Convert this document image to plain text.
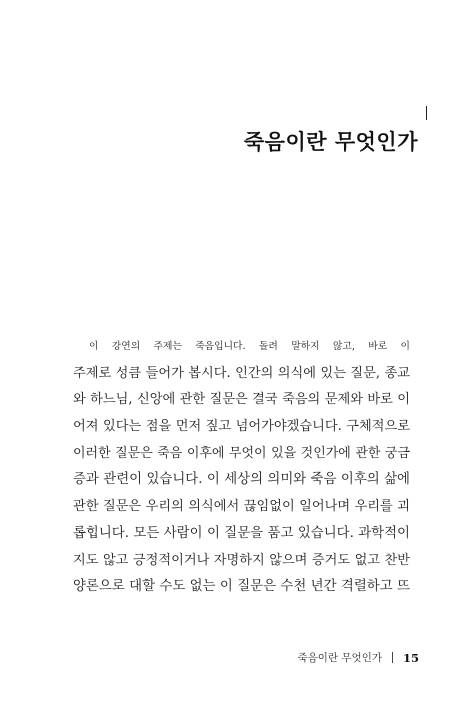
죽음이란 무엇인가
이 강연의 주제는 죽음입니다. 돌려 말하지 않고, 바로 이
주제로 성큼 들어가 봅시다. 인간의 의식에 있는 질문, 종교
와 하느님, 신앙에 관한 질문은 결국 죽음의 문제와 바로 이
어져 있다는 점을 먼저 짚고 넘어가야겠습니다. 구체적으로
이러한 질문은 죽음 이후에 무엇이 있을 것인가에 관한 궁금
증과 관련이 있습니다. 이 세상의 의미와 죽음 이후의 삶에
관한 질문은 우리의 의식에서 끊임없이 일어나며 우리를 괴
롭힙니다. 모든 사람이 이 질문을 품고 있습니다. 과학적이
지도 않고 긍정적이거나 자명하지 않으며 증거도 없고 찬반
양론으로 대할 수도 없는 이 질문은 수천 년간 격렬하고 뜨
죽음이란 무엇인가 15
